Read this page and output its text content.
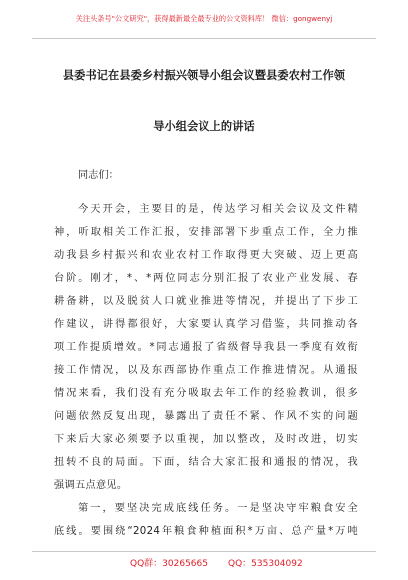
关注头条号"公文研究"，获得最新最全最专业的公文资料库！ 微信：gongwenyj
县委书记在县委乡村振兴领导小组会议暨县委农村工作领
导小组会议上的讲话
同志们：
今天开会，主要目的是，传达学习相关会议及文件精
神，听取相关工作汇报，安排部署下步重点工作，全力推
动我县乡村振兴和农业农村工作取得更大突破、迈上更高
台阶。刚才，*、*两位同志分别汇报了农业产业发展、春
耕备耕，以及脱贫人口就业推进等情况，并提出了下步工
作建议，讲得都很好，大家要认真学习借鉴，共同推动各
项工作提质增效。*同志通报了省级督导我县一季度有效衔
接工作情况，以及东西部协作重点工作推进情况。从通报
情况来看，我们没有充分吸取去年工作的经验教训，很多
问题依然反复出现，暴露出了责任不紧、作风不实的问题
下来后大家必须要予以重视，加以整改，及时改进，切实
扭转不良的局面。下面，结合大家汇报和通报的情况，我
强调五点意见。
第一，要坚决完成底线任务。一是坚决守牢粮食安全
底线。要围绕“2024年粮食种植面积*万亩、总产量*万吨
QQ群：30265665 QQ：535304092
